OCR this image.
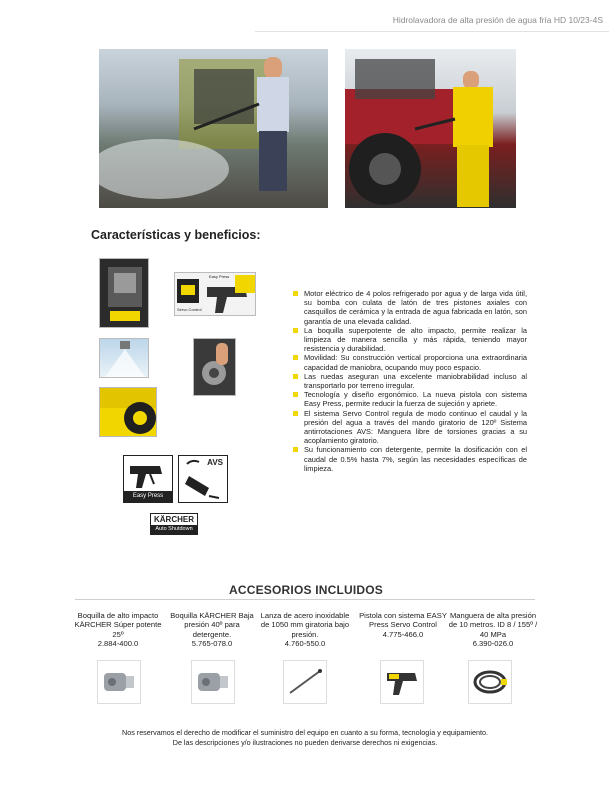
Hidrolavadora de alta presión de agua fría HD 10/23-4S
Características y beneficios:
Easy Press
Servo Control
Easy Press
AVS
KÄRCHER
Auto Shutdown
Motor eléctrico de 4 polos refrigerado por agua y de larga vida útil, su bomba con culata de latón de tres pistones axiales con casquillos de cerámica y la entrada de agua fabricada en latón, son garantía de una elevada calidad.
La boquilla superpotente de alto impacto, permite realizar la limpieza de manera sencilla y más rápida, teniendo mayor resistencia y durabilidad.
Movilidad: Su construcción vertical proporciona una extraordinaria capacidad de maniobra, ocupando muy poco espacio.
Las ruedas aseguran una excelente maniobrabilidad incluso al transportarlo por terreno irregular.
Tecnología y diseño ergonómico. La nueva pistola con sistema Easy Press, permite reducir la fuerza de sujeción y apriete.
El sistema Servo Control regula de modo continuo el caudal y la presión del agua a través del mando giratorio de 120º Sistema antirrotaciones AVS: Manguera libre de torsiones gracias a su acoplamiento giratorio.
Su funcionamiento con detergente, permite la dosificación con el caudal de 0.5% hasta 7%, según las necesidades específicas de limpieza.
ACCESORIOS INCLUIDOS
Boquilla de alto impacto KÄRCHER Súper potente 25º
2.884-400.0
Boquilla KÄRCHER Baja presión 40º para detergente.
5.765-078.0
Lanza de acero inoxidable de 1050 mm giratoria bajo presión.
4.760-550.0
Pistola con sistema EASY Press Servo Control
4.775-466.0
Manguera de alta presión de 10 metros. ID 8 / 155º / 40 MPa
6.390-026.0
Nos reservamos el derecho de modificar el suministro del equipo en cuanto a su forma, tecnología y equipamiento.
De las descripciones y/o ilustraciones no pueden derivarse derechos ni exigencias.
